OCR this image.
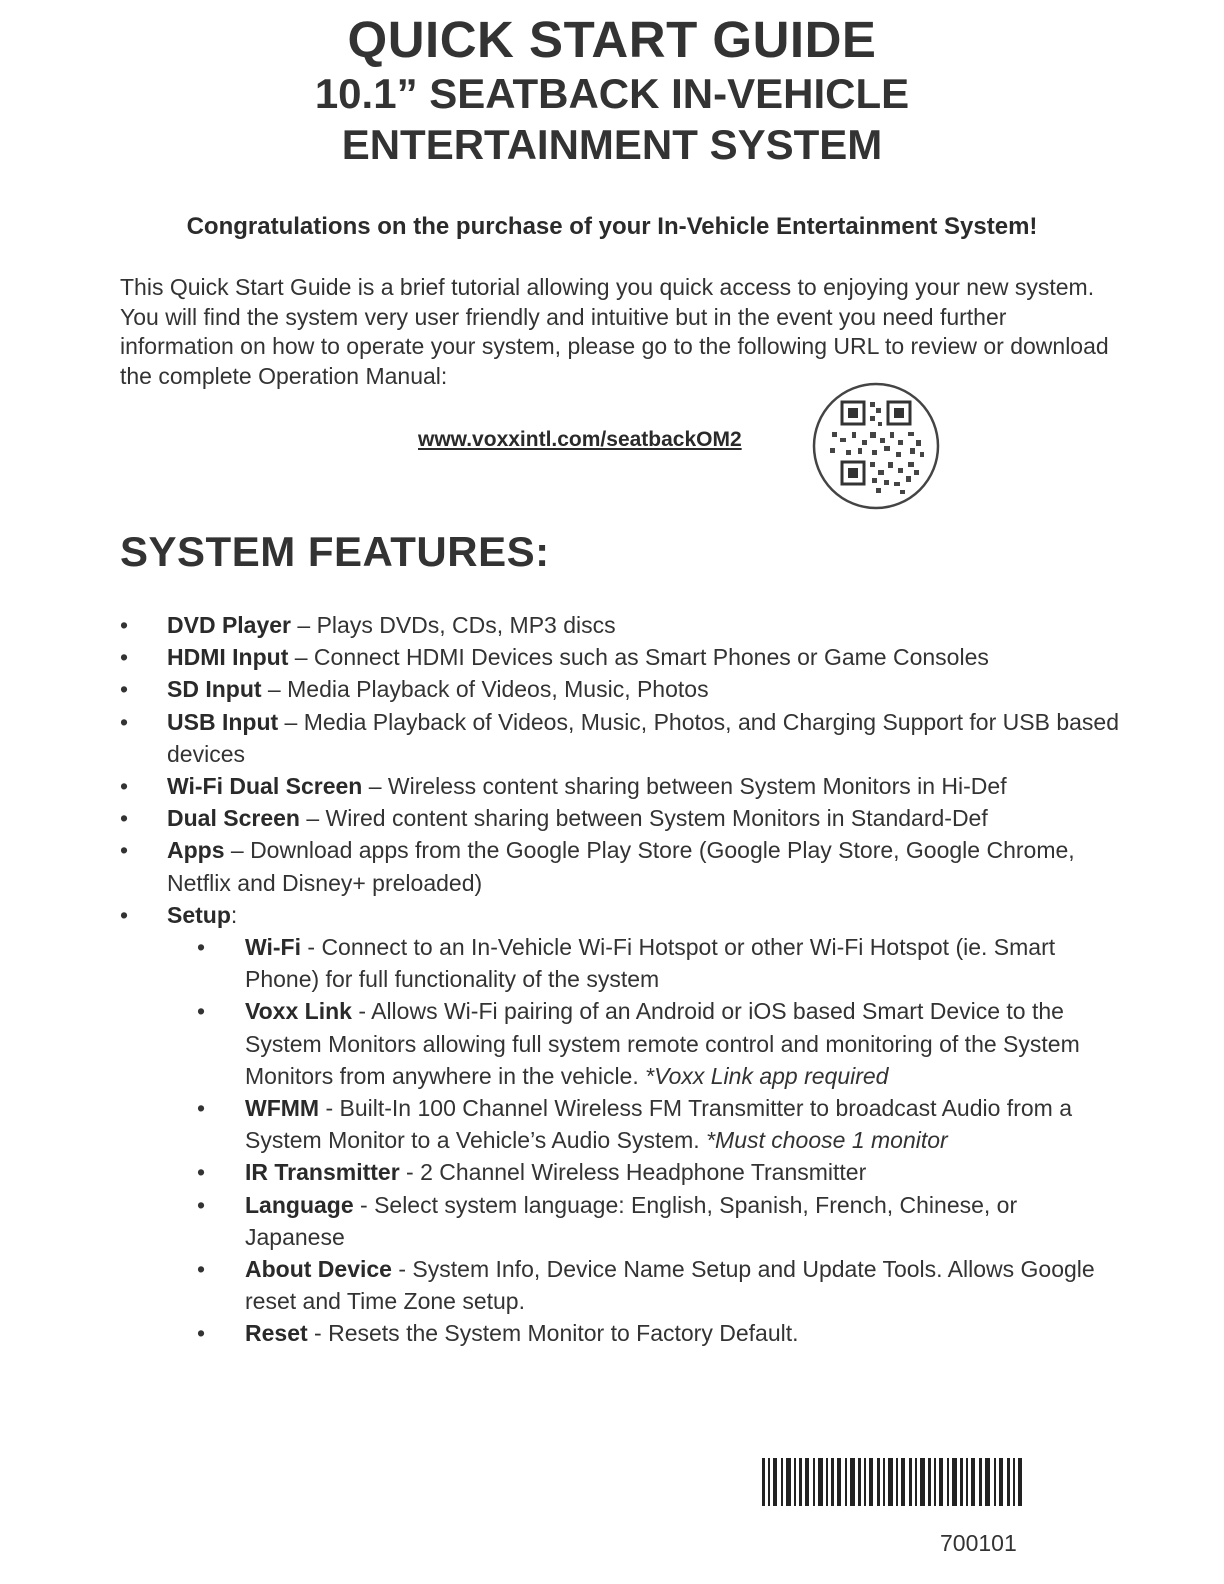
QUICK START GUIDE
10.1” SEATBACK IN-VEHICLE
ENTERTAINMENT SYSTEM

Congratulations on the purchase of your In-Vehicle Entertainment System!

This Quick Start Guide is a brief tutorial allowing you quick access to enjoying your new system. You will find the system very user friendly and intuitive but in the event you need further information on how to operate your system, please go to the following URL to review or download the complete Operation Manual:

www.voxxintl.com/seatbackOM2
SYSTEM FEATURES:
• DVD Player – Plays DVDs, CDs, MP3 discs
• HDMI Input – Connect HDMI Devices such as Smart Phones or Game Consoles
• SD Input – Media Playback of Videos, Music, Photos
• USB Input – Media Playback of Videos, Music, Photos, and Charging Support for USB based devices
• Wi-Fi Dual Screen – Wireless content sharing between System Monitors in Hi-Def
• Dual Screen – Wired content sharing between System Monitors in Standard-Def
• Apps – Download apps from the Google Play Store (Google Play Store, Google Chrome, Netflix and Disney+ preloaded)
• Setup:
• Wi-Fi - Connect to an In-Vehicle Wi-Fi Hotspot or other Wi-Fi Hotspot (ie. Smart Phone) for full functionality of the system
• Voxx Link - Allows Wi-Fi pairing of an Android or iOS based Smart Device to the System Monitors allowing full system remote control and monitoring of the System Monitors from anywhere in the vehicle. *Voxx Link app required
• WFMM - Built-In 100 Channel Wireless FM Transmitter to broadcast Audio from a System Monitor to a Vehicle’s Audio System. *Must choose 1 monitor
• IR Transmitter - 2 Channel Wireless Headphone Transmitter
• Language - Select system language: English, Spanish, French, Chinese, or Japanese
• About Device - System Info, Device Name Setup and Update Tools. Allows Google reset and Time Zone setup.
• Reset - Resets the System Monitor to Factory Default.
700101
